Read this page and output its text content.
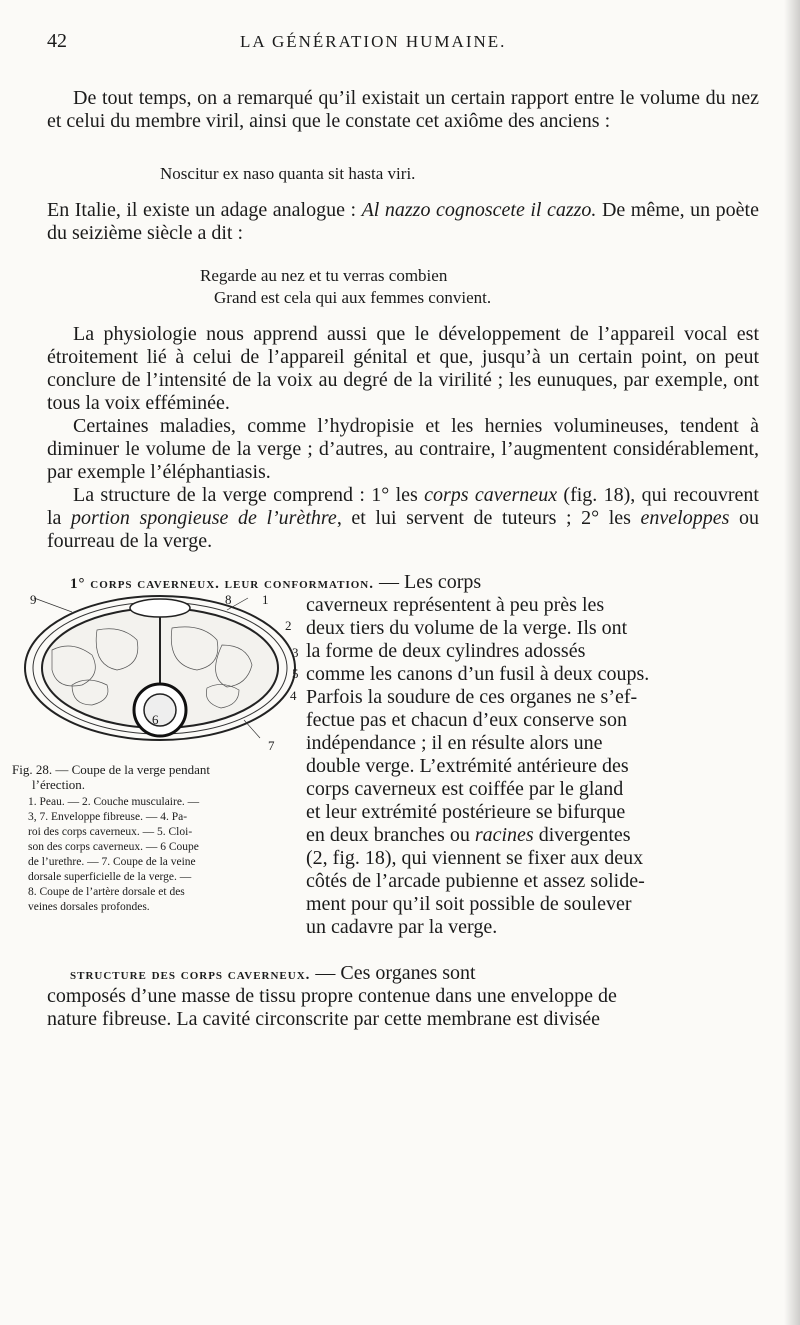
42	LA GÉNÉRATION HUMAINE.

De tout temps, on a remarqué qu’il existait un certain rapport entre le volume du nez et celui du membre viril, ainsi que le constate cet axiôme des anciens :

Noscitur ex naso quanta sit hasta viri.

En Italie, il existe un adage analogue : Al nazzo cognoscete il cazzo. De même, un poète du seizième siècle a dit :

Regarde au nez et tu verras combien

Grand est cela qui aux femmes convient.

La physiologie nous apprend aussi que le développement de l’appareil vocal est étroitement lié à celui de l’appareil génital et que, jusqu’à un certain point, on peut conclure de l’intensité de la voix au degré de la virilité ; les eunuques, par exemple, ont tous la voix efféminée.

Certaines maladies, comme l’hydropisie et les hernies volumineuses, tendent à diminuer le volume de la verge ; d’autres, au contraire, l’augmentent considérablement, par exemple l’éléphantiasis.

La structure de la verge comprend : 1° les corps caverneux (fig. 18), qui recouvrent la portion spongieuse de l’urèthre, et lui servent de tuteurs ; 2° les enveloppes ou fourreau de la verge.

1° corps caverneux. leur conformation. — Les corps

9	8 1
2
3
5
4
6
7

Fig. 28. — Coupe de la verge pendant
l’érection.

1. Peau. — 2. Couche musculaire. —
3, 7. Enveloppe fibreuse. — 4. Pa-
roi des corps caverneux. — 5. Cloi-
son des corps caverneux. — 6 Coupe
de l’urethre. — 7. Coupe de la veine
dorsale superficielle de la verge. —
8. Coupe de l’artère dorsale et des
veines dorsales profondes.

caverneux représentent à peu près les

deux tiers du volume de la verge. Ils ont

la forme de deux cylindres adossés

comme les canons d’un fusil à deux coups.

Parfois la soudure de ces organes ne s’ef-

fectue pas et chacun d’eux conserve son

indépendance ; il en résulte alors une

double verge. L’extrémité antérieure des

corps caverneux est coiffée par le gland

et leur extrémité postérieure se bifurque

en deux branches ou racines divergentes

(2, fig. 18), qui viennent se fixer aux deux

côtés de l’arcade pubienne et assez solide-

ment pour qu’il soit possible de soulever

un cadavre par la verge.

structure des corps caverneux. — Ces organes sont

composés d’une masse de tissu propre contenue dans une enveloppe de

nature fibreuse. La cavité circonscrite par cette membrane est divisée
